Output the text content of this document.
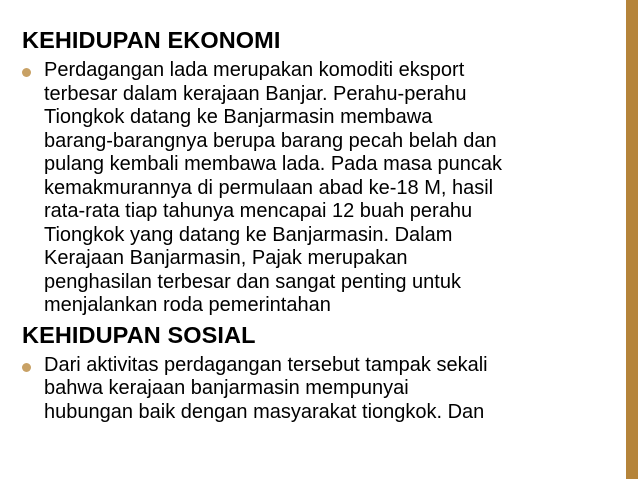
KEHIDUPAN EKONOMI
Perdagangan lada merupakan komoditi eksport
terbesar dalam kerajaan Banjar. Perahu-perahu
Tiongkok datang ke Banjarmasin membawa
barang-barangnya berupa barang pecah belah dan
pulang kembali membawa lada. Pada masa puncak
kemakmurannya di permulaan abad ke-18 M, hasil
rata-rata tiap tahunya mencapai 12 buah perahu
Tiongkok yang datang ke Banjarmasin. Dalam
Kerajaan Banjarmasin, Pajak merupakan
penghasilan terbesar dan sangat penting untuk
menjalankan roda pemerintahan
KEHIDUPAN SOSIAL
Dari aktivitas perdagangan tersebut tampak sekali
bahwa kerajaan banjarmasin mempunyai
hubungan baik dengan masyarakat tiongkok. Dan
